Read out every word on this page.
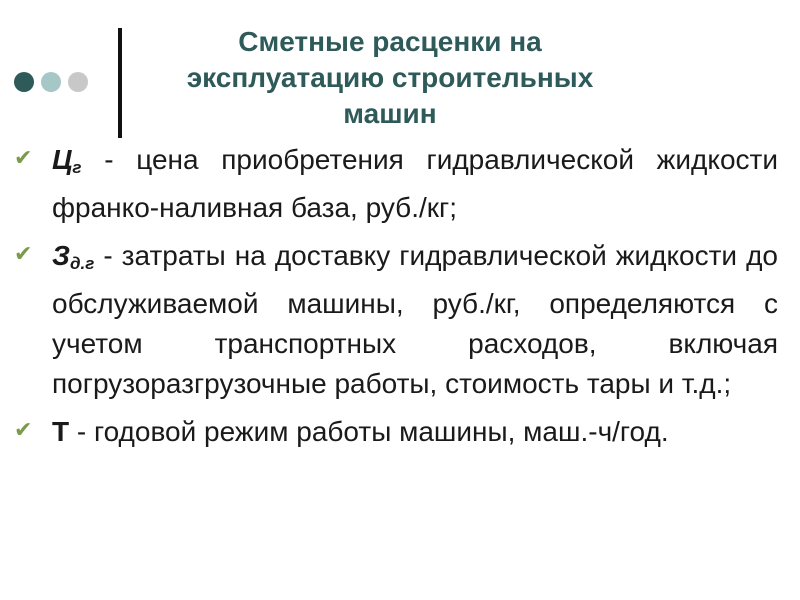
Сметные расценки на
эксплуатацию строительных
машин
✔ $Ц_г$ - цена приобретения гидравлической жидкости франко-наливная база, руб./кг;

✔ $З_{д.г}$ - затраты на доставку гидравлической жидкости до обслуживаемой машины, руб./кг, определяются с учетом транспортных расходов, включая погрузоразгрузочные работы, стоимость тары и т.д.;

✔ Т - годовой режим работы машины, маш.-ч/год.
